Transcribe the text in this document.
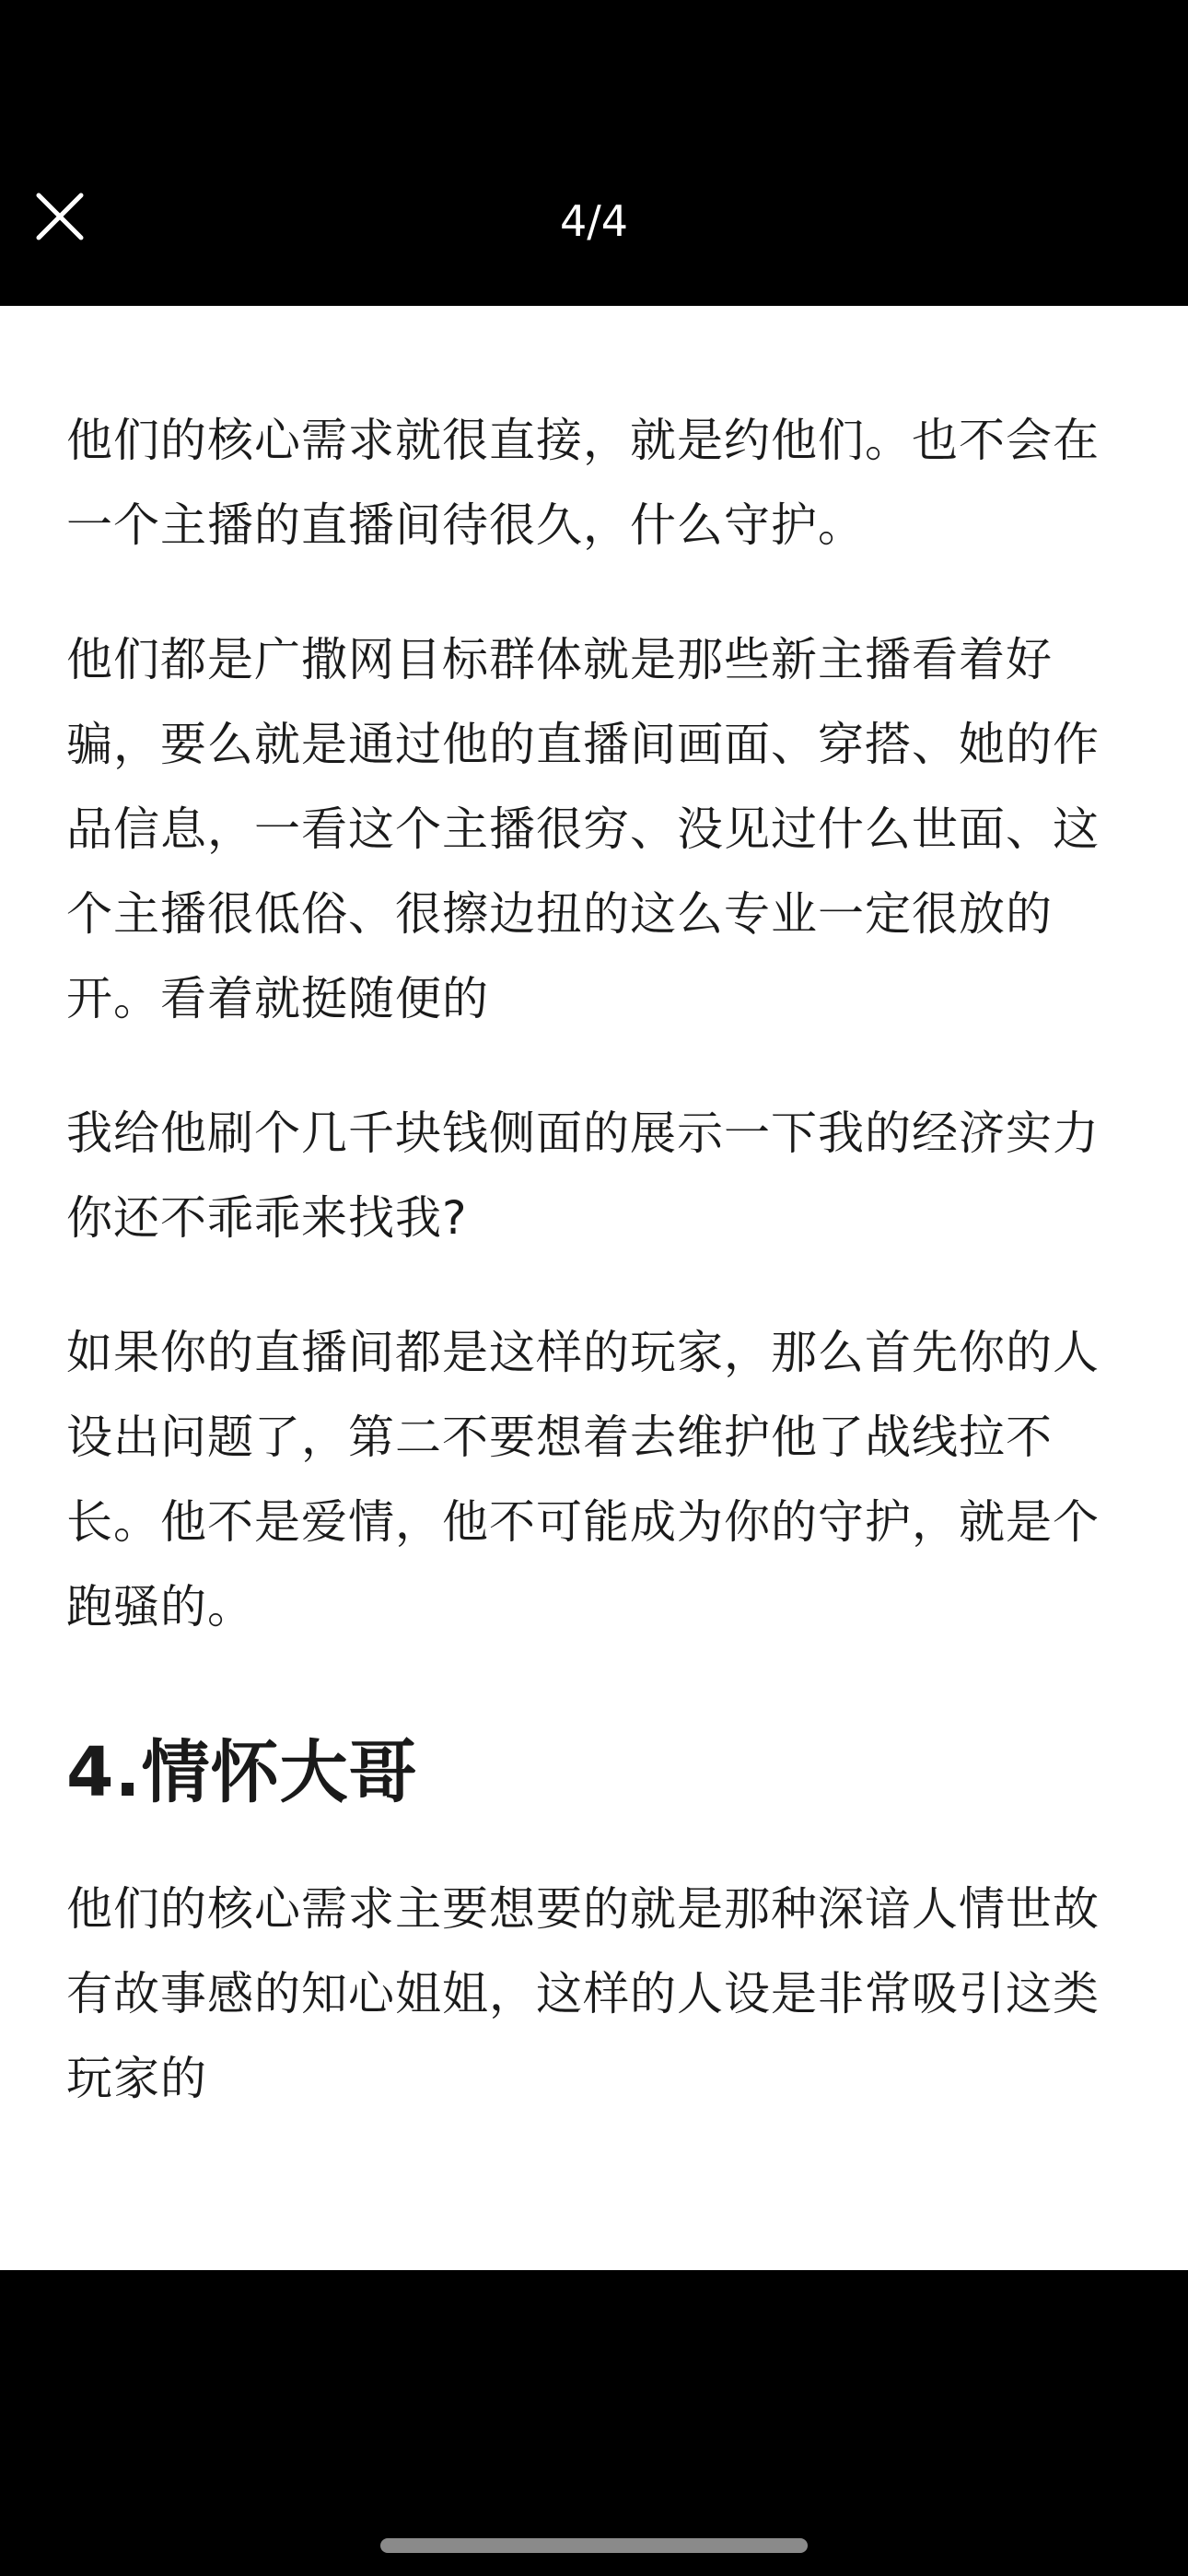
4/4

他们的核心需求就很直接，就是约他们。也不会在一个主播的直播间待很久，什么守护。

他们都是广撒网目标群体就是那些新主播看着好骗，要么就是通过他的直播间画面、穿搭、她的作品信息，一看这个主播很穷、没见过什么世面、这个主播很低俗、很擦边扭的这么专业一定很放的开。看着就挺随便的

我给他刷个几千块钱侧面的展示一下我的经济实力你还不乖乖来找我?

如果你的直播间都是这样的玩家，那么首先你的人设出问题了，第二不要想着去维护他了战线拉不长。他不是爱情，他不可能成为你的守护，就是个跑骚的。

4.情怀大哥

他们的核心需求主要想要的就是那种深谙人情世故有故事感的知心姐姐，这样的人设是非常吸引这类玩家的
